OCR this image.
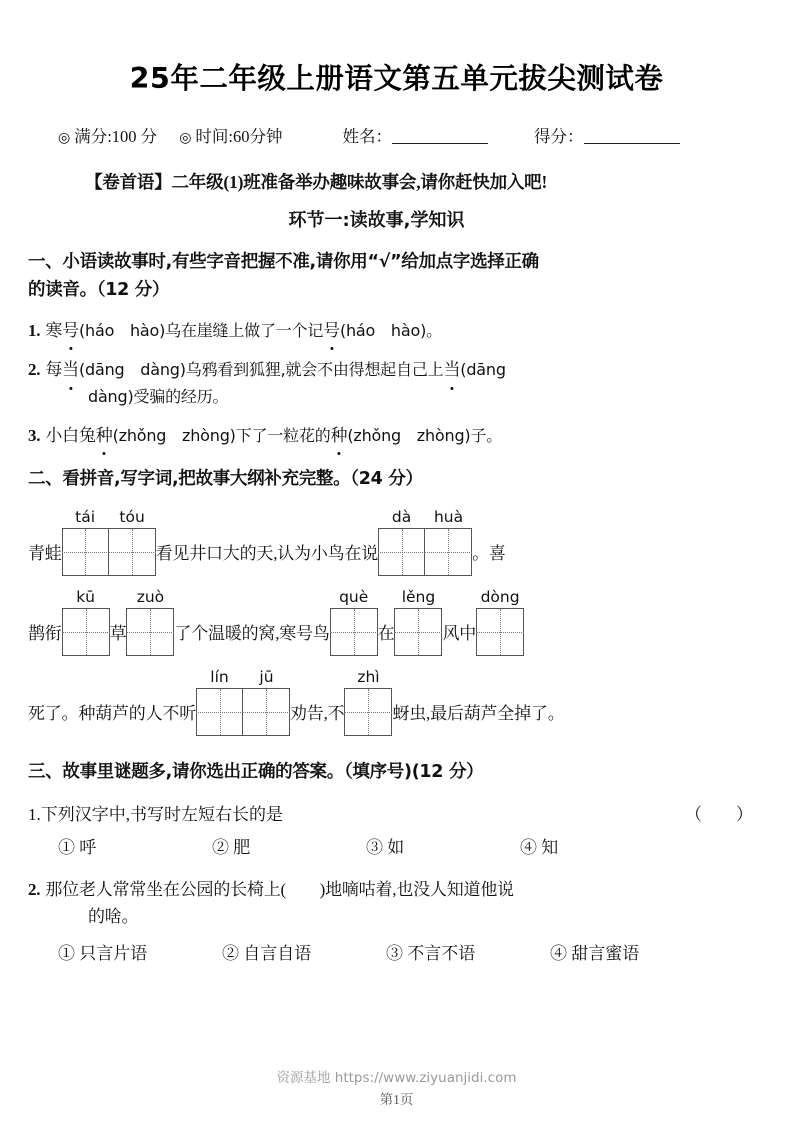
25年二年级上册语文第五单元拔尖测试卷
◎ 满分:100 分 ◎ 时间:60分钟	姓名：	得分：
【卷首语】二年级(1)班准备举办趣味故事会,请你赶快加入吧!
环节一:读故事,学知识
一、小语读故事时,有些字音把握不准,请你用“√”给加点字选择正确
的读音。（12 分）
1. 寒号(háo hào)乌在崖缝上做了一个记号(háo hào)。
2. 每当(dāng dàng)乌鸦看到狐狸,就会不由得想起自己上当(dāng
dàng)受骗的经历。
3. 小白兔种(zhǒng zhòng)下了一粒花的种(zhǒng zhòng)子。
二、看拼音,写字词,把故事大纲补充完整。（24 分）
青蛙
tái	tóu
看见井口大的天,认为小鸟在说
dà	huà
。喜
鹊衔
kū
草
zuò
了个温暖的窝,寒号鸟
què
在
lěng
风中
dòng
死了。种葫芦的人不听
lín	jū
劝告,不
zhì
蚜虫,最后葫芦全掉了。
三、故事里谜题多,请你选出正确的答案。（填序号)(12 分）
1.下列汉字中,书写时左短右长的是	（  ）
① 呼	② 肥	③ 如	④ 知
2. 那位老人常常坐在公园的长椅上(  )地嘀咕着,也没人知道他说
的啥。
① 只言片语	② 自言自语	③ 不言不语	④ 甜言蜜语
资源基地 https://www.ziyuanjidi.com
第1页
